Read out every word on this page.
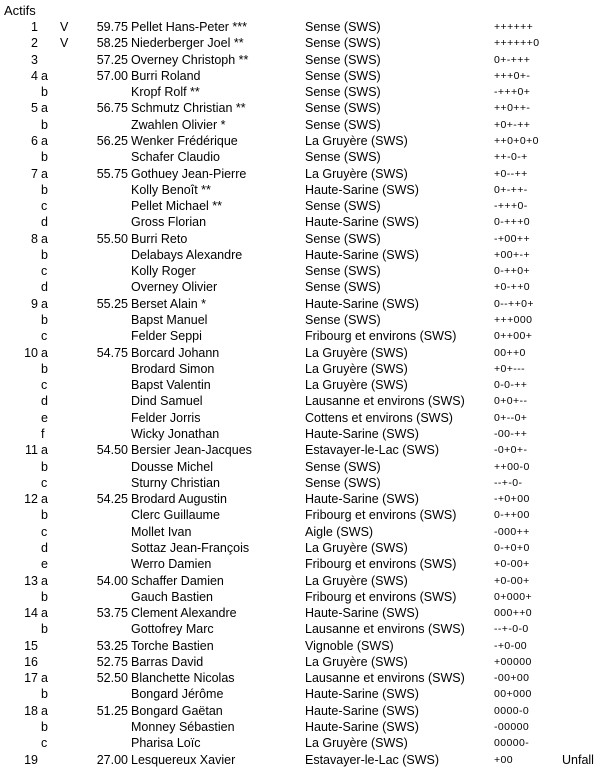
Actifs
1 V	59.75 Pellet Hans-Peter ***	Sense (SWS)	++++++
2 V	58.25 Niederberger Joel **	Sense (SWS)	++++++0
3	57.25 Overney Christoph **	Sense (SWS)	0+-+++
4 a	57.00 Burri Roland	Sense (SWS)	+++0+-
b	Kropf Rolf **	Sense (SWS)	-+++0+
5 a	56.75 Schmutz Christian **	Sense (SWS)	++0++-
b	Zwahlen Olivier *	Sense (SWS)	+0+-++
6 a	56.25 Wenker Frédérique	La Gruyère (SWS)	++0+0+0
b	Schafer Claudio	Sense (SWS)	++-0-+
7 a	55.75 Gothuey Jean-Pierre	La Gruyère (SWS)	+0--++
b	Kolly Benoît **	Haute-Sarine (SWS)	0+-++-
c	Pellet Michael **	Sense (SWS)	-+++0-
d	Gross Florian	Haute-Sarine (SWS)	0-+++0
8 a	55.50 Burri Reto	Sense (SWS)	-+00++
b	Delabays Alexandre	Haute-Sarine (SWS)	+00+-+
c	Kolly Roger	Sense (SWS)	0-++0+
d	Overney Olivier	Sense (SWS)	+0-++0
9 a	55.25 Berset Alain *	Haute-Sarine (SWS)	0--++0+
b	Bapst Manuel	Sense (SWS)	+++000
c	Felder Seppi	Fribourg et environs (SWS)	0++00+
10 a	54.75 Borcard Johann	La Gruyère (SWS)	00++0
b	Brodard Simon	La Gruyère (SWS)	+0+---
c	Bapst Valentin	La Gruyère (SWS)	0-0-++
d	Dind Samuel	Lausanne et environs (SWS)	0+0+--
e	Felder Jorris	Cottens et environs (SWS)	0+--0+
f	Wicky Jonathan	Haute-Sarine (SWS)	-00-++
11 a	54.50 Bersier Jean-Jacques	Estavayer-le-Lac (SWS)	-0+0+-
b	Dousse Michel	Sense (SWS)	++00-0
c	Sturny Christian	Sense (SWS)	--+-0-
12 a	54.25 Brodard Augustin	Haute-Sarine (SWS)	-+0+00
b	Clerc Guillaume	Fribourg et environs (SWS)	0-++00
c	Mollet Ivan	Aigle (SWS)	-000++
d	Sottaz Jean-François	La Gruyère (SWS)	0-+0+0
e	Werro Damien	Fribourg et environs (SWS)	+0-00+
13 a	54.00 Schaffer Damien	La Gruyère (SWS)	+0-00+
b	Gauch Bastien	Fribourg et environs (SWS)	0+000+
14 a	53.75 Clement Alexandre	Haute-Sarine (SWS)	000++0
b	Gottofrey Marc	Lausanne et environs (SWS)	--+-0-0
15	53.25 Torche Bastien	Vignoble (SWS)	-+0-00
16	52.75 Barras David	La Gruyère (SWS)	+00000
17 a	52.50 Blanchette Nicolas	Lausanne et environs (SWS)	-00+00
b	Bongard Jérôme	Haute-Sarine (SWS)	00+000
18 a	51.25 Bongard Gaëtan	Haute-Sarine (SWS)	0000-0
b	Monney Sébastien	Haute-Sarine (SWS)	-00000
c	Pharisa Loïc	La Gruyère (SWS)	00000-
19	27.00 Lesquereux Xavier	Estavayer-le-Lac (SWS)	+00	Unfall
